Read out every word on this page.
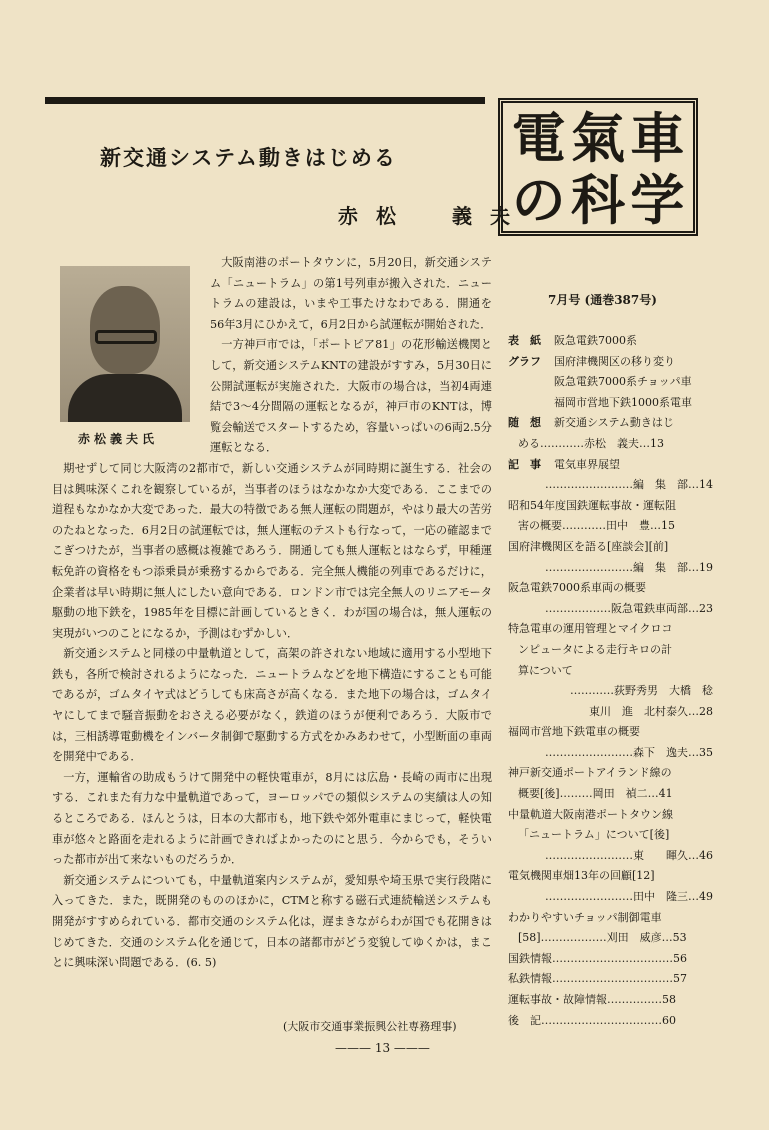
新交通システム動きはじめる
赤松　義夫
電 氣 車
の 科 学
7月号 (通巻387号)
赤松義夫氏

大阪南港のポートタウンに，5月20日，新交通システム「ニュートラム」の第1号列車が搬入された．ニュートラムの建設は，いまや工事たけなわである．開通を56年3月にひかえて，6月2日から試運転が開始された．

一方神戸市では，「ポートピア81」の花形輸送機関として，新交通システムKNTの建設がすすみ，5月30日に公開試運転が実施された．大阪市の場合は，当初4両連結で3～4分間隔の運転となるが，神戸市のKNTは，博覧会輸送でスタートするため，容量いっぱいの6両2.5分運転となる．

期せずして同じ大阪湾の2都市で，新しい交通システムが同時期に誕生する．社会の目は興味深くこれを観察しているが，当事者のほうはなかなか大変である．ここまでの道程もなかなか大変であった．最大の特徴である無人運転の問題が，やはり最大の苦労のたねとなった．6月2日の試運転では，無人運転のテストも行なって，一応の確認までこぎつけたが，当事者の感概は複雑であろう．開通しても無人運転とはならず，甲種運転免許の資格をもつ添乗員が乗務するからである．完全無人機能の列車であるだけに，企業者は早い時期に無人にしたい意向である．ロンドン市では完全無人のリニアモータ駆動の地下鉄を，1985年を目標に計画しているときく．わが国の場合は，無人運転の実現がいつのことになるか，予測はむずかしい．

新交通システムと同様の中量軌道として，高架の許されない地域に適用する小型地下鉄も，各所で検討されるようになった．ニュートラムなどを地下構造にすることも可能であるが，ゴムタイヤ式はどうしても床高さが高くなる．また地下の場合は，ゴムタイヤにしてまで騒音振動をおさえる必要がなく，鉄道のほうが便利であろう．大阪市では，三相誘導電動機をインバータ制御で駆動する方式をかみあわせて，小型断面の車両を開発中である．

一方，運輸省の助成もうけて開発中の軽快電車が，8月には広島・長崎の両市に出現する．これまた有力な中量軌道であって，ヨーロッパでの類似システムの実績は人の知るところである．ほんとうは，日本の大都市も，地下鉄や郊外電車にまじって，軽快電車が悠々と路面を走れるように計画できればよかったのにと思う．今からでも，そういった都市が出て来ないものだろうか．

新交通システムについても，中量軌道案内システムが，愛知県や埼玉県で実行段階に入ってきた．また，既開発のもののほかに，CTMと称する磁石式連続輸送システムも開発がすすめられている．都市交通のシステム化は，遅まきながらわが国でも花開きはじめてきた．交通のシステム化を通じて，日本の諸都市がどう変貌してゆくかは，まことに興味深い問題である．(6. 5)

(大阪市交通事業振興公社専務理事)
——— 13 ———
表　紙	阪急電鉄7000系
グラフ	国府津機関区の移り変り
阪急電鉄7000系チョッパ車
福岡市営地下鉄1000系電車
随　想	新交通システム動きはじ
める…………赤松　義夫…13
記　事	電気車界展望
……………………編　集　部…14
昭和54年度国鉄運転事故・運転阻
害の概要…………田中　豊…15
国府津機関区を語る[座談会][前]
……………………編　集　部…19
阪急電鉄7000系車両の概要
………………阪急電鉄車両部…23
特急電車の運用管理とマイクロコ
ンピュータによる走行キロの計
算について
…………荻野秀男　大橋　稔
東川　進　北村泰久…28
福岡市営地下鉄電車の概要
……………………森下　逸夫…35
神戸新交通ポートアイランド線の
概要[後]………岡田　禎二…41
中量軌道大阪南港ポートタウン線
「ニュートラム」について[後]
……………………東　　暉久…46
電気機関車畑13年の回顧[12]
……………………田中　隆三…49
わかりやすいチョッパ制御電車
[58]………………刈田　威彦…53
国鉄情報……………………………56
私鉄情報……………………………57
運転事故・故障情報……………58
後　記……………………………60
